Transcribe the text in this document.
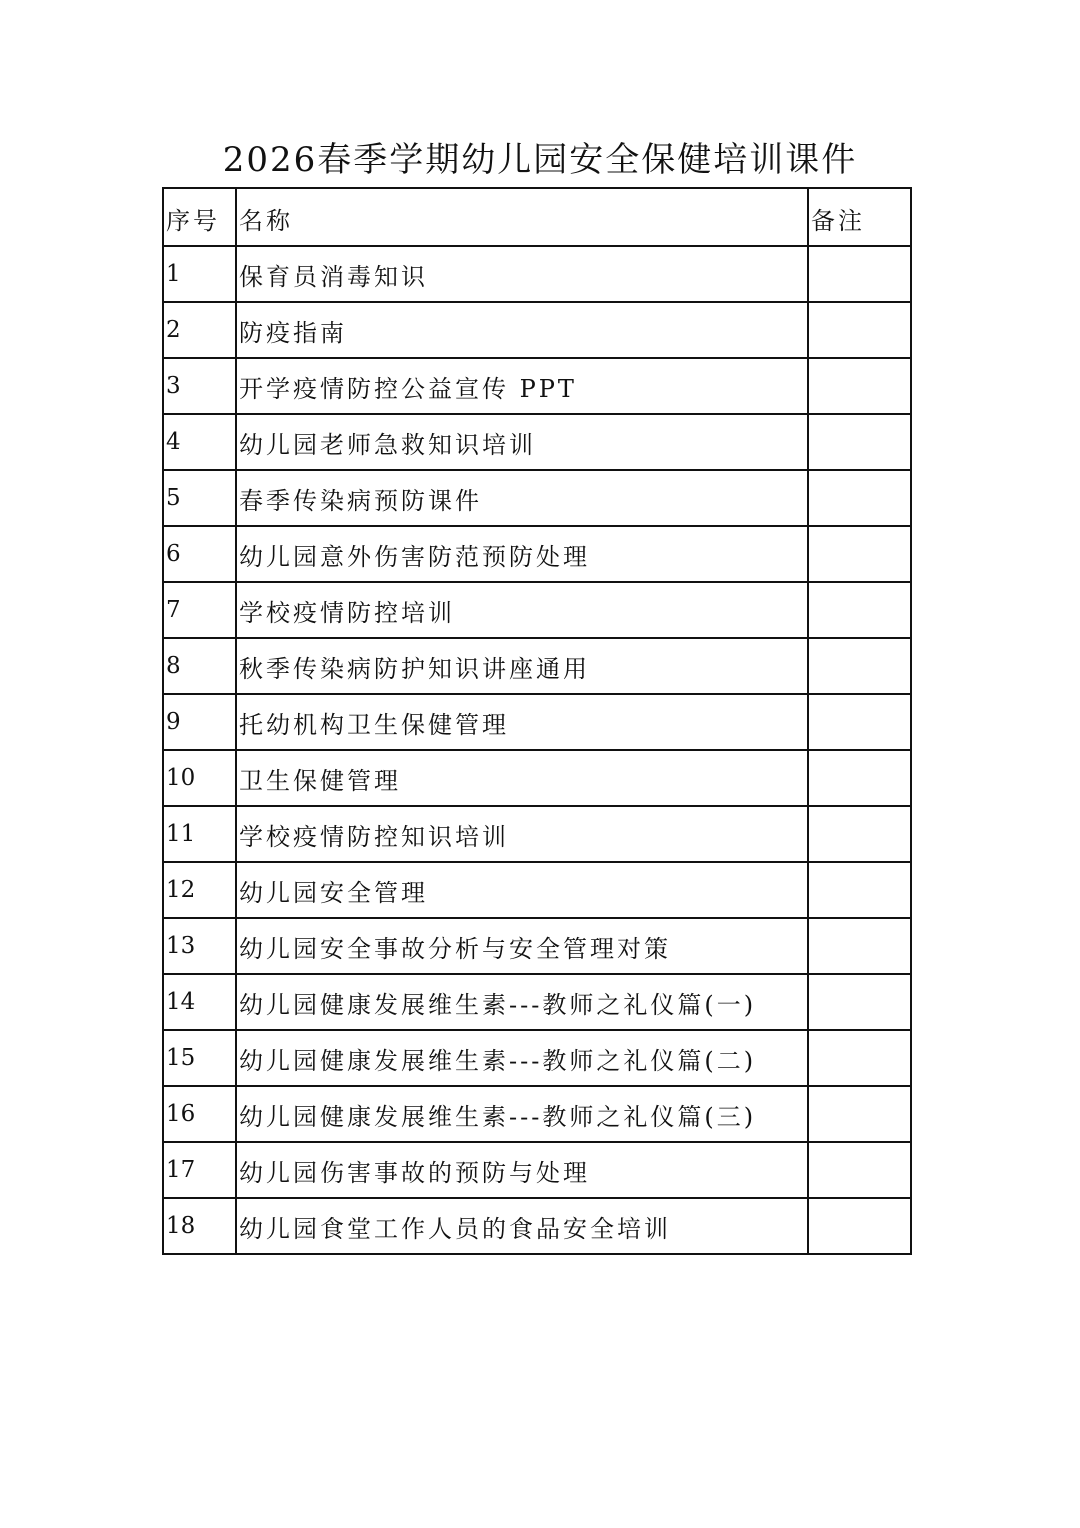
2026春季学期幼儿园安全保健培训课件
序号	名称	备注
1	保育员消毒知识	
2	防疫指南	
3	开学疫情防控公益宣传 PPT	
4	幼儿园老师急救知识培训	
5	春季传染病预防课件	
6	幼儿园意外伤害防范预防处理	
7	学校疫情防控培训	
8	秋季传染病防护知识讲座通用	
9	托幼机构卫生保健管理	
10	卫生保健管理	
11	学校疫情防控知识培训	
12	幼儿园安全管理	
13	幼儿园安全事故分析与安全管理对策	
14	幼儿园健康发展维生素---教师之礼仪篇(一)	
15	幼儿园健康发展维生素---教师之礼仪篇(二)	
16	幼儿园健康发展维生素---教师之礼仪篇(三)	
17	幼儿园伤害事故的预防与处理	
18	幼儿园食堂工作人员的食品安全培训	
